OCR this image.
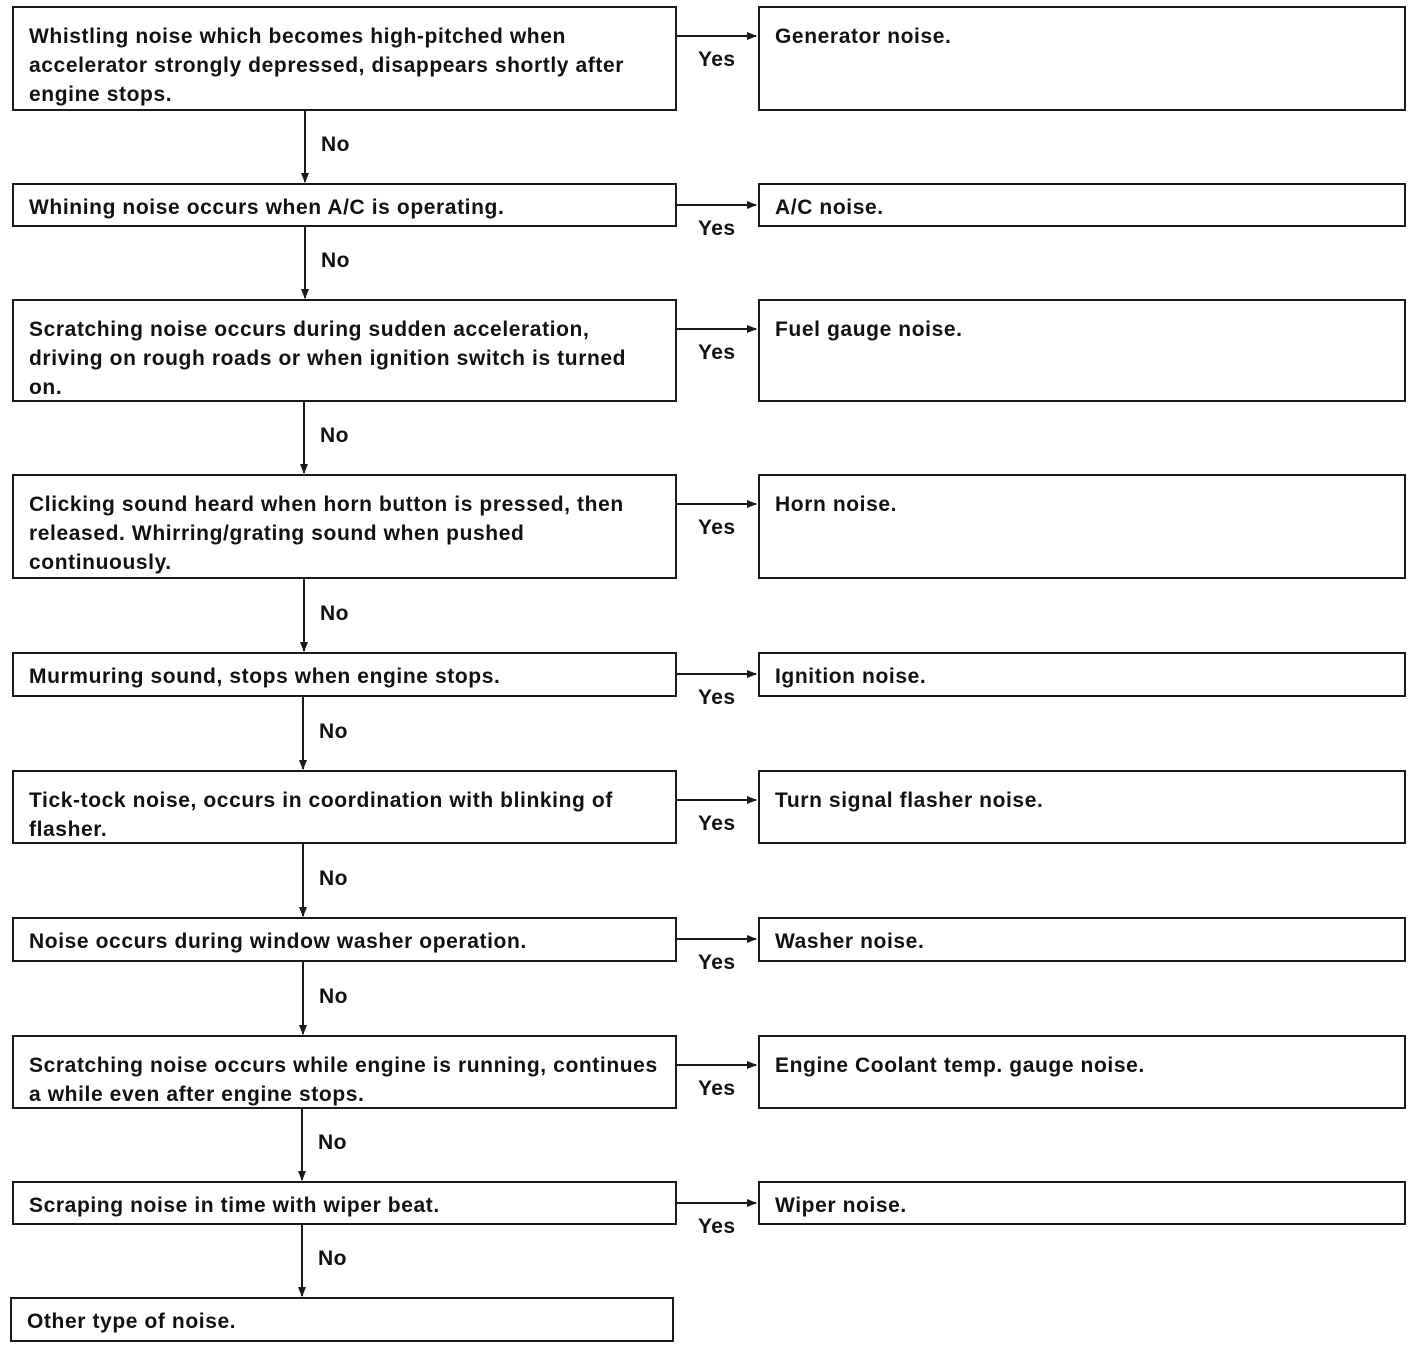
Whistling noise which becomes high-pitched when accelerator strongly depressed, disappears shortly after engine stops.
Generator noise.
Yes
No
Whining noise occurs when A/C is operating.	A/C noise.
Yes
No
Scratching noise occurs during sudden acceleration, driving on rough roads or when ignition switch is turned on.
Fuel gauge noise.
Yes
No
Clicking sound heard when horn button is pressed, then released. Whirring/grating sound when pushed continuously.
Horn noise.
Yes
No
Murmuring sound, stops when engine stops.	Ignition noise.
Yes
No
Tick-tock noise, occurs in coordination with blinking of flasher.
Turn signal flasher noise.
Yes
No
Noise occurs during window washer operation.	Washer noise.
Yes
No
Scratching noise occurs while engine is running, continues a while even after engine stops.
Engine Coolant temp. gauge noise.
Yes
No
Scraping noise in time with wiper beat.	Wiper noise.
Yes
No
Other type of noise.
